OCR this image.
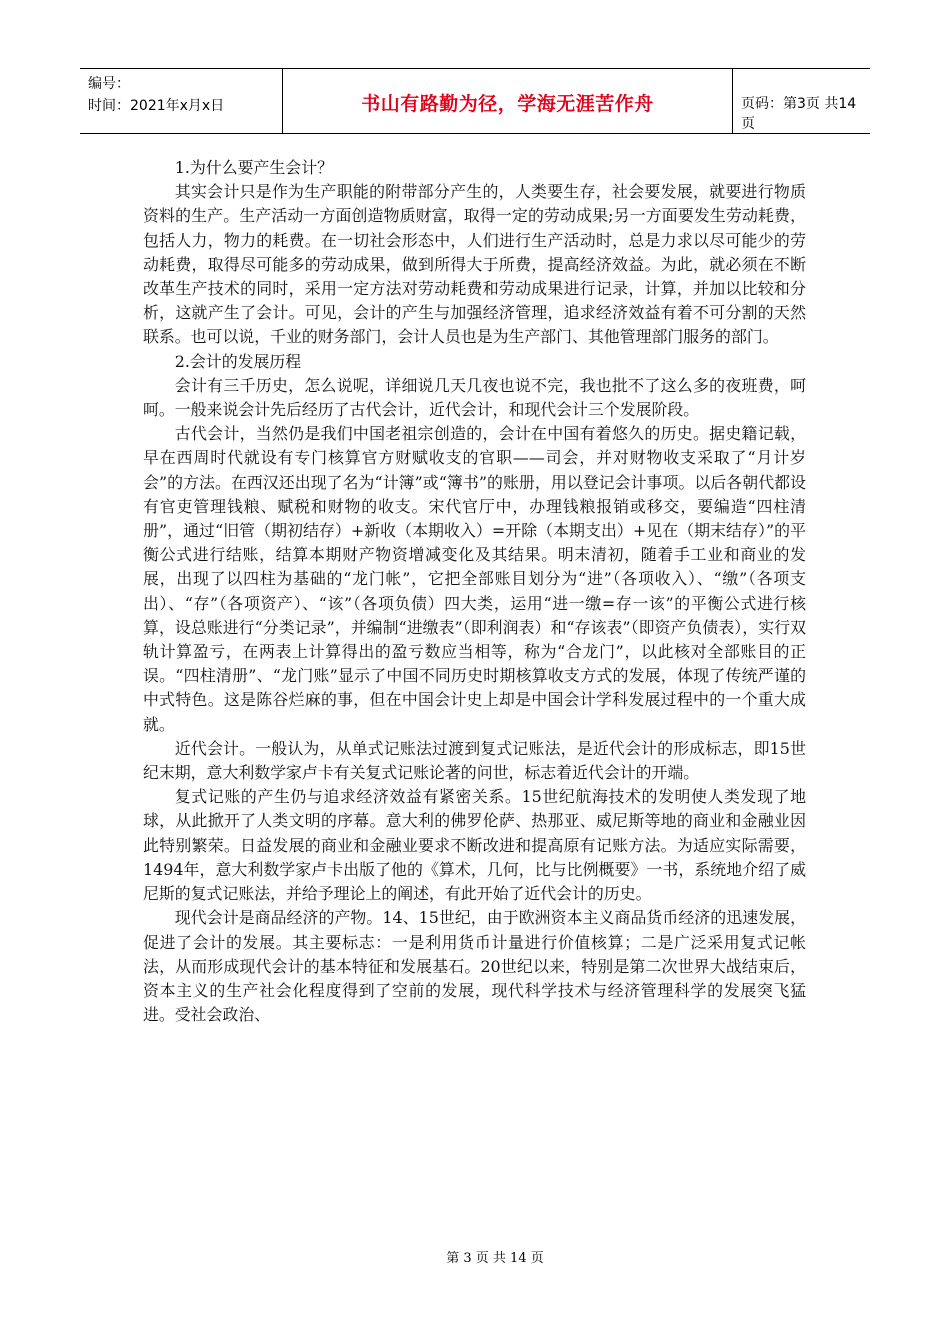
编号：
时间：2021年x月x日	书山有路勤为径，学海无涯苦作舟	页码：第3页 共14页

1.为什么要产生会计？

其实会计只是作为生产职能的附带部分产生的，人类要生存，社会要发展，就要进行物质资料的生产。生产活动一方面创造物质财富，取得一定的劳动成果;另一方面要发生劳动耗费，包括人力，物力的耗费。在一切社会形态中，人们进行生产活动时，总是力求以尽可能少的劳动耗费，取得尽可能多的劳动成果，做到所得大于所费，提高经济效益。为此，就必须在不断改革生产技术的同时，采用一定方法对劳动耗费和劳动成果进行记录，计算，并加以比较和分析，这就产生了会计。可见，会计的产生与加强经济管理，追求经济效益有着不可分割的天然联系。也可以说，千业的财务部门，会计人员也是为生产部门、其他管理部门服务的部门。

2.会计的发展历程

会计有三千历史，怎么说呢，详细说几天几夜也说不完，我也批不了这么多的夜班费，呵呵。一般来说会计先后经历了古代会计，近代会计，和现代会计三个发展阶段。

古代会计，当然仍是我们中国老祖宗创造的，会计在中国有着悠久的历史。据史籍记载，早在西周时代就设有专门核算官方财赋收支的官职——司会，并对财物收支采取了“月计岁会”的方法。在西汉还出现了名为“计簿”或“簿书”的账册，用以登记会计事项。以后各朝代都设有官吏管理钱粮、赋税和财物的收支。宋代官厅中，办理钱粮报销或移交，要编造“四柱清册”，通过“旧管（期初结存）+新收（本期收入）=开除（本期支出）+见在（期末结存）”的平衡公式进行结账，结算本期财产物资增减变化及其结果。明末清初，随着手工业和商业的发展，出现了以四柱为基础的“龙门帐”，它把全部账目划分为“进”（各项收入）、“缴”（各项支出）、“存”（各项资产）、“该”（各项负债）四大类，运用“进一缴=存一该”的平衡公式进行核算，设总账进行“分类记录”，并编制“进缴表”（即利润表）和“存该表”（即资产负债表），实行双轨计算盈亏，在两表上计算得出的盈亏数应当相等，称为“合龙门”，以此核对全部账目的正误。“四柱清册”、“龙门账”显示了中国不同历史时期核算收支方式的发展，体现了传统严谨的中式特色。这是陈谷烂麻的事，但在中国会计史上却是中国会计学科发展过程中的一个重大成就。

近代会计。一般认为，从单式记账法过渡到复式记账法，是近代会计的形成标志，即15世纪末期，意大利数学家卢卡有关复式记账论著的问世，标志着近代会计的开端。

复式记账的产生仍与追求经济效益有紧密关系。15世纪航海技术的发明使人类发现了地球，从此掀开了人类文明的序幕。意大利的佛罗伦萨、热那亚、威尼斯等地的商业和金融业因此特别繁荣。日益发展的商业和金融业要求不断改进和提高原有记账方法。为适应实际需要，1494年，意大利数学家卢卡出版了他的《算术，几何，比与比例概要》一书，系统地介绍了威尼斯的复式记账法，并给予理论上的阐述，有此开始了近代会计的历史。

现代会计是商品经济的产物。14、15世纪，由于欧洲资本主义商品货币经济的迅速发展，促进了会计的发展。其主要标志：一是利用货币计量进行价值核算；二是广泛采用复式记帐法，从而形成现代会计的基本特征和发展基石。20世纪以来，特别是第二次世界大战结束后，资本主义的生产社会化程度得到了空前的发展，现代科学技术与经济管理科学的发展突飞猛进。受社会政治、

第 3 页 共 14 页
